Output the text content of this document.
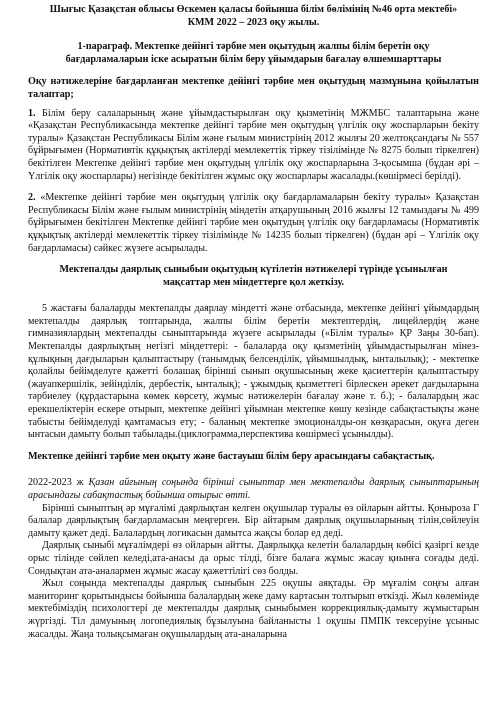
Шығыс Қазақстан облысы Өскемен қаласы бойынша білім бөлімінің №46 орта мектебі»
КММ 2022 – 2023 оқу жылы.
1-параграф. Мектепке дейінгі тәрбие мен оқытудың жалпы білім беретін оқу
бағдарламаларын іске асыратын білім беру ұйымдарын бағалау өлшемшарттары

Оқу нәтижелеріне бағдарланған мектепке дейінгі тәрбие мен оқытудың мазмұнына қойылатын талаптар;

1. Білім беру салаларының және ұйымдастырылған оқу қызметінің МЖМБС талаптарына және «Қазақстан Республикасында мектепке дейінгі тәрбие мен оқытудың үлгілік оқу жоспарларын бекіту туралы» Қазақстан Республикасы Білім және ғылым министрінің 2012 жылғы 20 желтоқсандағы № 557 бұйрығымен (Нормативтік құқықтық актілерді мемлекеттік тіркеу тізілімінде № 8275 болып тіркелген) бекітілген Мектепке дейінгі тәрбие мен оқытудың үлгілік оқу жоспарларына 3-қосымша (бұдан әрі – Үлгілік оқу жоспарлары) негізінде бекітілген жұмыс оқу жоспарлары жасалады.(көшірмесі берілді).

2. «Мектепке дейінгі тәрбие мен оқытудың үлгілік оқу бағдарламаларын бекіту туралы» Қазақстан Республикасы Білім және ғылым министрінің міндетін атқарушының 2016 жылғы 12 тамыздағы № 499 бұйрығымен бекітілген Мектепке дейінгі тәрбие мен оқытудың үлгілік оқу бағдарламасы (Нормативтік құқықтық актілерді мемлекеттік тіркеу тізілімінде № 14235 болып тіркелген) (бұдан әрі – Үлгілік оқу бағдарламасы) сәйкес жүзеге асырылады.

Мектепалды даярлық сыныбын оқытудың күтілетін нәтижелері түрінде ұсынылған
мақсаттар мен міндеттерге қол жеткізу.

5 жастағы балаларды мектепалды даярлау міндетті және отбасында, мектепке дейінгі ұйымдардың мектепалды даярлық топтарында, жалпы білім беретін мектептердің, лицейлердің және гимназиялардың мектепалды сыныптарында жүзеге асырылады («Білім туралы» ҚР Заңы 30-бап). Мектепалды даярлықтың негізгі міндеттері: - балаларда оқу қызметінің ұйымдастырылған мінез-құлықның дағдыларын қалыптастыру (танымдық белсенділік, ұйымшылдық, ынталылық); - мектепке қолайлы бейімделуге қажетті болашақ бірінші сынып оқушысының жеке қасиеттерін қалыптастыру (жауапкершілік, зейінділік, дербестік, ынталық); - ұжымдық қызметтегі бірлескен әрекет дағдыларына тәрбиелеу (құрдастарына көмек көрсету, жұмыс нәтижелерін бағалау және т. б.); - балалардың жас ерекшеліктерін ескере отырып, мектепке дейінгі ұйымнан мектепке көшу кезінде сабақтастықты және табысты бейімделуді қамтамасыз ету; - баланың мектепке эмоционалды-он көзқарасын, оқуға деген ынтасын дамыту болып табылады.(циклограмма,перспектива көшірмесі ұсынылды).

Мектепке дейінгі тәрбие мен оқыту және бастауыш білім беру арасындағы сабақтастық.

2022-2023 ж Қазан айғының соңында бірінші сыныптар мен мектепалды даярлық сыныптарының арасындағы сабақтастық бойынша отырыс өтті.

Бірінші сыныптың әр мұғалімі даярлықтан келген оқушылар туралы өз ойларын айтты. Қоныроза Г балалар даярлықтың бағдарламасын меңгерген. Бір айтарым даярлық оқушыларының тілін,сөйлеуін дамыту қажет деді. Балалардың логикасын дамытса жақсы болар ед деді.

Даярлық сыныбі мұғалімдері өз ойларын айтты. Даярлыққа келетін балалардың көбісі қазіргі кезде орыс тілінде сөйлеп келеді,ата-анасы да орыс тілді, бізге балаға жұмыс жасау қиынға соғады деді. Сондықтан ата-аналармен жұмыс жасау қажеттілігі сөз болды.

Жыл соңында мектепалды даярлық сыныбын 225 оқушы аяқтады. Әр мұғалім соңғы алған маниторинг қорытындысы бойынша балалардың жеке даму картасын толтырып өткізді. Жыл көлемінде мектебіміздің психологтері де мектепалды даярлық сыныбымен коррекциялық-дамыту жұмыстарын жүргізді. Тіл дамуының логопедиялық бұзылуына байланысты 1 оқушы ПМПК тексеруіне ұсыныс жасалды. Жаңа толықсымаған оқушылардың ата-аналарына
